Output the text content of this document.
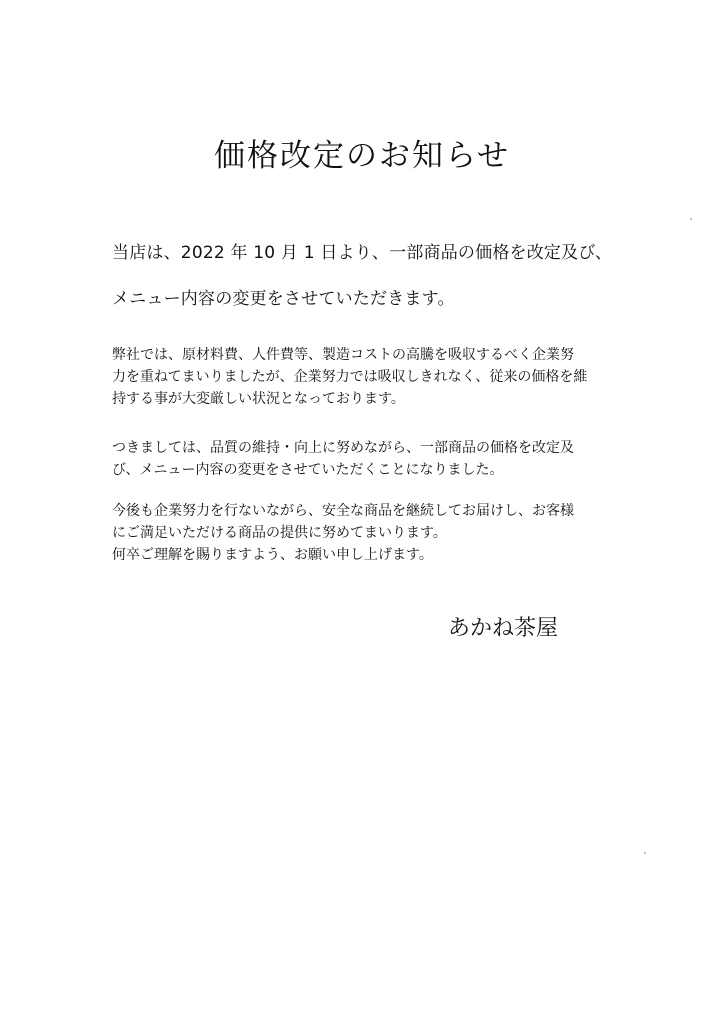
価格改定のお知らせ
当店は、2022 年 10 月 1 日より、一部商品の価格を改定及び、
メニュー内容の変更をさせていただきます。
弊社では、原材料費、人件費等、製造コストの高騰を吸収するべく企業努
力を重ねてまいりましたが、企業努力では吸収しきれなく、従来の価格を維
持する事が大変厳しい状況となっております。
つきましては、品質の維持・向上に努めながら、一部商品の価格を改定及
び、メニュー内容の変更をさせていただくことになりました。
今後も企業努力を行ないながら、安全な商品を継続してお届けし、お客様
にご満足いただける商品の提供に努めてまいります。
何卒ご理解を賜りますよう、お願い申し上げます。
あかね茶屋
